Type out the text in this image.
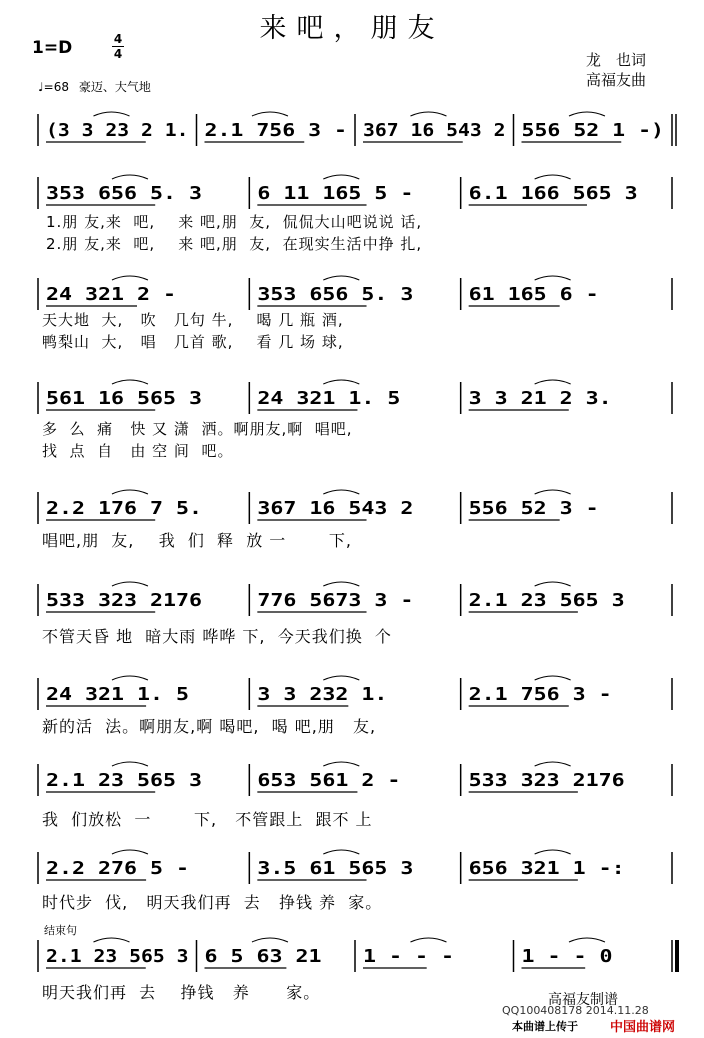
来吧，朋友
1=D	4
4
♩=68 豪迈、大气地
龙　也词
高福友曲
(3 3 23 2 1. 2.1 756 3 - 367 16 543 2 556 52 1 -)
353 656 5. 3	6 11 165 5 -	6.1 166 565 3
1.朋 友,来  吧,    来 吧,朋  友,  侃侃大山吧说说 话,
2.朋 友,来  吧,    来 吧,朋  友,  在现实生活中挣 扎,
24 321 2 -	353 656 5. 3	61 165 6 -
天大地  大,   吹   几句 牛,    喝 几 瓶 酒,
鸭梨山  大,   唱   几首 歌,    看 几 场 球,
561 16 565 3	24 321 1. 5	3 3 21 2 3.
多  么  痛   快 又 潇  洒。啊朋友,啊  唱吧,
找  点  自   由 空 间  吧。
2.2 176 7 5.	367 16 543 2	556 52 3 -
唱吧,朋  友,    我  们  释  放 一       下,
533 323 2176	776 5673 3 -	2.1 23 565 3
不管天昏 地  暗大雨 哗哗 下,  今天我们换  个
24 321 1. 5	3 3 232 1.	2.1 756 3 -
新的活  法。啊朋友,啊 喝吧,  喝 吧,朋   友,
2.1 23 565 3	653 561 2 -	533 323 2176
我  们放松  一       下,   不管跟上  跟不 上
2.2 276 5 -	3.5 61 565 3	656 321 1 -:
时代步  伐,   明天我们再  去   挣钱 养  家。
2.1 23 565 3 6 5 63 21 1 - - -	1 - - 0
结束句
明天我们再  去    挣钱   养      家。	高福友制谱
QQ100408178 2014.11.28
本曲谱上传于 中国曲谱网
